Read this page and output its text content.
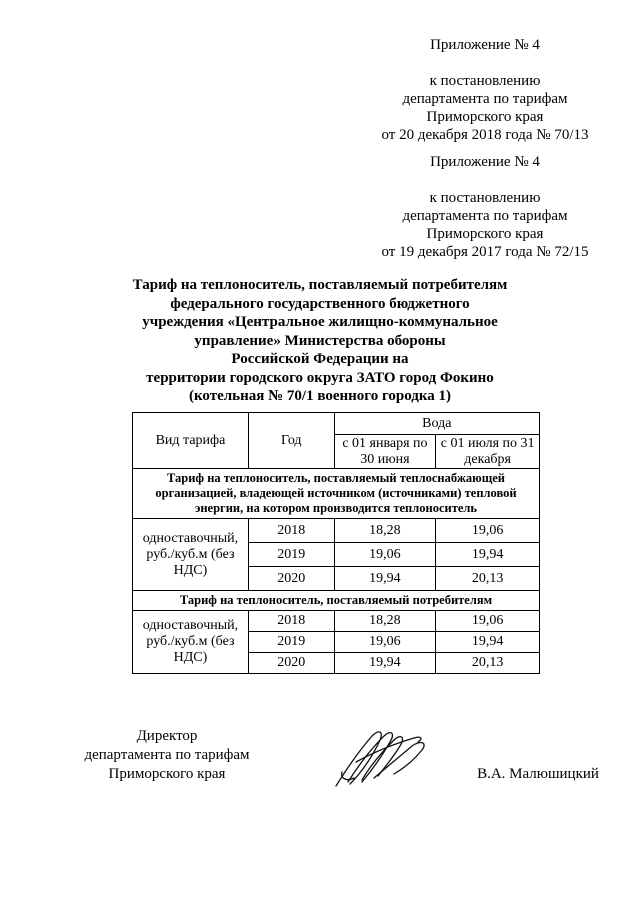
Приложение № 4
к постановлению
департамента по тарифам
Приморского края
от 20 декабря 2018 года № 70/13
Приложение № 4
к постановлению
департамента по тарифам
Приморского края
от 19 декабря 2017 года № 72/15
Тариф на теплоноситель, поставляемый потребителям
федерального государственного бюджетного
учреждения «Центральное жилищно-коммунальное
управление» Министерства обороны
Российской Федерации на
территории городского округа ЗАТО город Фокино
(котельная № 70/1 военного городка 1)
Вид тарифа	Год	Вода	
		с 01 января по 30 июня	с 01 июля по 31 декабря
Тариф на теплоноситель, поставляемый теплоснабжающей организацией, владеющей источником (источниками) тепловой энергии, на котором производится теплоноситель			
одноставочный, руб./куб.м (без НДС)	2018	18,28	19,06
	2019	19,06	19,94
	2020	19,94	20,13
Тариф на теплоноситель, поставляемый потребителям			
одноставочный, руб./куб.м (без НДС)	2018	18,28	19,06
	2019	19,06	19,94
	2020	19,94	20,13
Директор
департамента по тарифам
Приморского края	В.А. Малюшицкий
